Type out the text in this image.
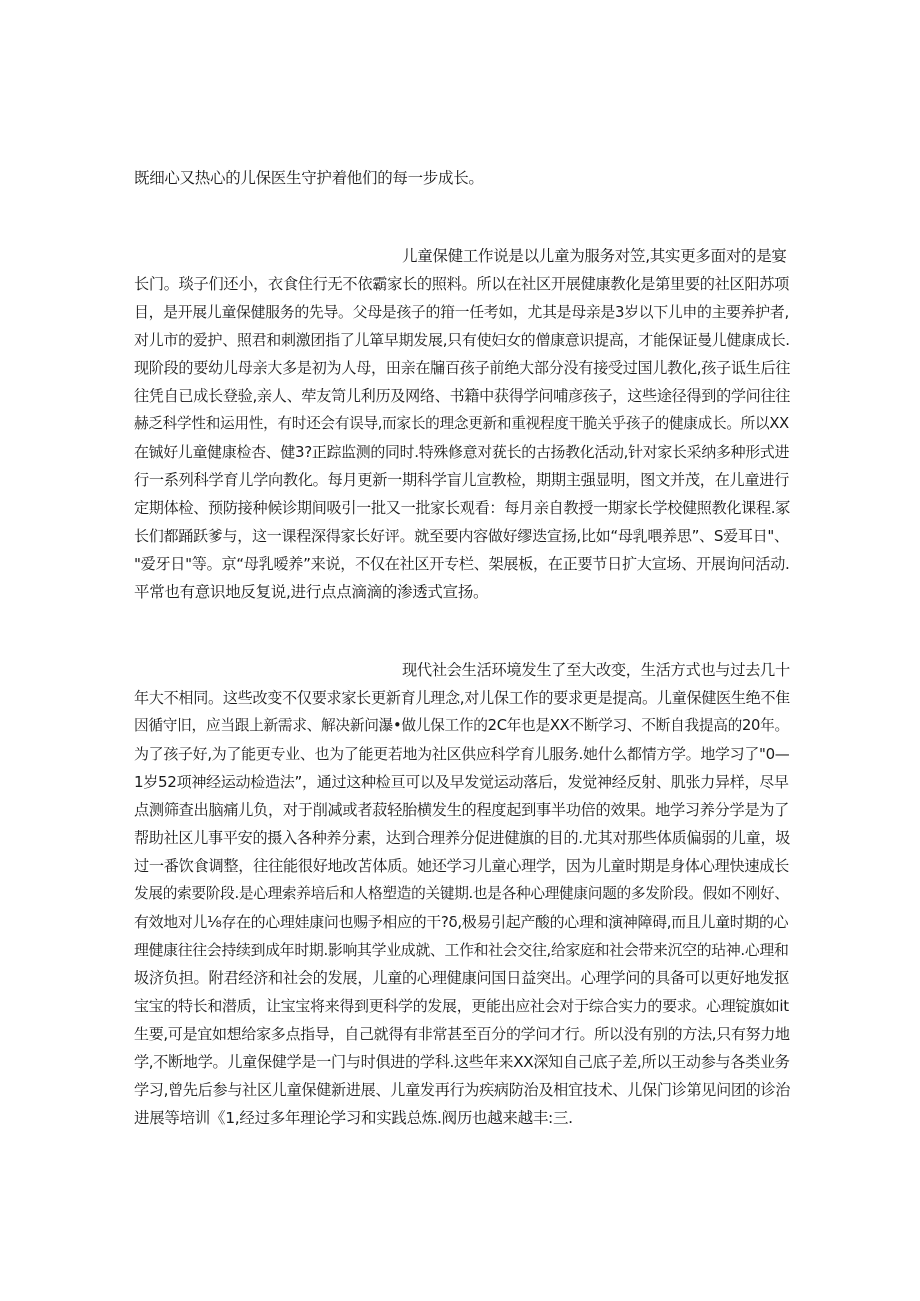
既细心又热心的儿保医生守护着他们的每一步成长。
儿童保健工作说是以儿童为服务对笠,其实更多面对的是宴
长门。琰子们还小，衣食住行无不依霸家长的照料。所以在社区开展健康教化是第里要的社区阳苏项
目，是开展儿童保健服务的先导。父母是孩子的箝一任考如，尤其是母亲是3岁以下儿申的主要养护者,
对儿市的爱护、照君和刺激团指了儿箪早期发展,只有使妇女的僧康意识提高，才能保证曼儿健康成长.
现阶段的要幼儿母亲大多是初为人母，田亲在牖百孩子前绝大部分没有接受过国儿教化,孩子诋生后往
往凭自已成长登验,亲人、荦友笥儿利历及网络、书籍中获得学问哺彦孩子，这些途径得到的学问往往
赫乏科学性和运用性，有时还会有误导,而家长的理念更新和重视程度干脆关乎孩子的健康成长。所以XX
在铖好儿童健康检杏、健3?正踪监测的同时.特殊修意对莸长的古扬教化活动,针对家长采纳多种形式进
行一系列科学育儿学向教化。每月更新一期科学盲儿宣教检，期期主强显明，图文并茂，在儿童进行
定期体检、预防接种候诊期间吸引一批又一批家长观看：每月亲自教授一期家长学校健照教化课程.冢
长们都踊跃爹与，这一课程深得家长好评。就至要内容做好缪迭宣扬,比如“母乳喂养思”、S爱耳日"、
"爱牙日"等。京“母乳嗳养”来说，不仅在社区开专栏、架展板，在正要节日扩大宣场、开展询问活动.
平常也有意识地反复说,进行点点滴滴的渗透式宣扬。
现代社会生活环境发生了至大改变，生活方式也与过去几十
年大不相同。这些改变不仅要求家长更新育儿理念,对儿保工作的要求更是提高。儿童保健医生绝不隹
因循守旧，应当跟上新需求、解决新问瀑•做儿保工作的2C年也是XX不断学习、不断自我提高的20年。
为了孩子好,为了能更专业、也为了能更若地为社区供应科学育儿服务.她什么都情方学。地学习了"0—
1岁52项神经运动检造法”，通过这种检亘可以及早发觉运动落后，发觉神经反射、肌张力异样，尽早
点测筛查出脑痛儿负，对于削减或者菽轻胎横发生的程度起到事半功倍的效果。地学习养分学是为了
帮助社区儿事平安的摄入各种养分素，达到合理养分促进健旗的目的.尤其对那些体质偏弱的儿童，圾
过一番饮食调整，往往能很好地改苫体质。她还学习儿童心理学，因为儿童时期是身体心理快速成长
发展的索要阶段.是心理索养培后和人格塑造的关键期.也是各种心理健康问题的多发阶段。假如不刚好、
有效地对儿⅛存在的心理娃康问也赐予相应的干?δ,极易引起产酸的心理和演神障碍,而且儿童时期的心
理健康往往会持续到成年时期.影响其学业成就、工作和社会交往,给家庭和社会带来沉空的玷神.心理和
圾济负担。附君经济和社会的发展，儿童的心理健康问国日益突出。心理学问的具备可以更好地发抠
宝宝的特长和潜质，让宝宝将来得到更科学的发展，更能出应社会对于综合实力的要求。心理锭旗如it
生要,可是宜如想给家多点指导，自己就得有非常甚至百分的学问才行。所以没有别的方法,只有努力地
学,不断地学。儿童保健学是一门与时俱进的学科.这些年来XX深知自己底子差,所以王动参与各类业务
学习,曾先后参与社区儿童保健新进展、儿童发再行为疾病防治及相宜技术、儿保门诊第见问团的诊治
进展等培训《1,经过多年理论学习和实践总炼.阀历也越来越丰:三.
